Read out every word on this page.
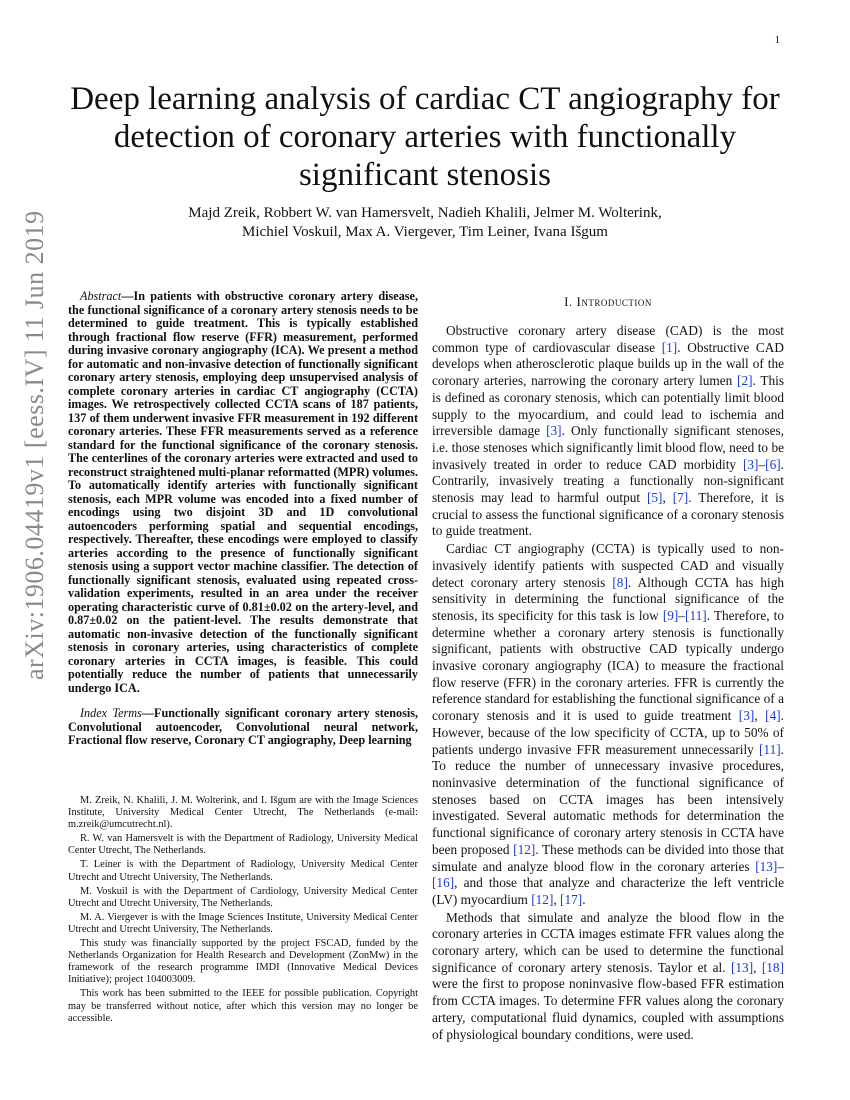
1
arXiv:1906.04419v1 [eess.IV] 11 Jun 2019
Deep learning analysis of cardiac CT angiography for detection of coronary arteries with functionally significant stenosis
Majd Zreik, Robbert W. van Hamersvelt, Nadieh Khalili, Jelmer M. Wolterink,
Michiel Voskuil, Max A. Viergever, Tim Leiner, Ivana Išgum

Abstract—In patients with obstructive coronary artery disease, the functional significance of a coronary artery stenosis needs to be determined to guide treatment. This is typically established through fractional flow reserve (FFR) measurement, performed during invasive coronary angiography (ICA). We present a method for automatic and non-invasive detection of functionally significant coronary artery stenosis, employing deep unsupervised analysis of complete coronary arteries in cardiac CT angiography (CCTA) images. We retrospectively collected CCTA scans of 187 patients, 137 of them underwent invasive FFR measurement in 192 different coronary arteries. These FFR measurements served as a reference standard for the functional significance of the coronary stenosis. The centerlines of the coronary arteries were extracted and used to reconstruct straightened multi-planar reformatted (MPR) volumes. To automatically identify arteries with functionally significant stenosis, each MPR volume was encoded into a fixed number of encodings using two disjoint 3D and 1D convolutional autoencoders performing spatial and sequential encodings, respectively. Thereafter, these encodings were employed to classify arteries according to the presence of functionally significant stenosis using a support vector machine classifier. The detection of functionally significant stenosis, evaluated using repeated cross-validation experiments, resulted in an area under the receiver operating characteristic curve of 0.81±0.02 on the artery-level, and 0.87±0.02 on the patient-level. The results demonstrate that automatic non-invasive detection of the functionally significant stenosis in coronary arteries, using characteristics of complete coronary arteries in CCTA images, is feasible. This could potentially reduce the number of patients that unnecessarily undergo ICA.

Index Terms—Functionally significant coronary artery stenosis, Convolutional autoencoder, Convolutional neural network, Fractional flow reserve, Coronary CT angiography, Deep learning

M. Zreik, N. Khalili, J. M. Wolterink, and I. Išgum are with the Image Sciences Institute, University Medical Center Utrecht, The Netherlands (e-mail: m.zreik@umcutrecht.nl).

R. W. van Hamersvelt is with the Department of Radiology, University Medical Center Utrecht, The Netherlands.

T. Leiner is with the Department of Radiology, University Medical Center Utrecht and Utrecht University, The Netherlands.

M. Voskuil is with the Department of Cardiology, University Medical Center Utrecht and Utrecht University, The Netherlands.

M. A. Viergever is with the Image Sciences Institute, University Medical Center Utrecht and Utrecht University, The Netherlands.

This study was financially supported by the project FSCAD, funded by the Netherlands Organization for Health Research and Development (ZonMw) in the framework of the research programme IMDI (Innovative Medical Devices Initiative); project 104003009.

This work has been submitted to the IEEE for possible publication. Copyright may be transferred without notice, after which this version may no longer be accessible.

I. Introduction

Obstructive coronary artery disease (CAD) is the most common type of cardiovascular disease [1]. Obstructive CAD develops when atherosclerotic plaque builds up in the wall of the coronary arteries, narrowing the coronary artery lumen [2]. This is defined as coronary stenosis, which can potentially limit blood supply to the myocardium, and could lead to ischemia and irreversible damage [3]. Only functionally significant stenoses, i.e. those stenoses which significantly limit blood flow, need to be invasively treated in order to reduce CAD morbidity [3]–[6]. Contrarily, invasively treating a functionally non-significant stenosis may lead to harmful output [5], [7]. Therefore, it is crucial to assess the functional significance of a coronary stenosis to guide treatment.

Cardiac CT angiography (CCTA) is typically used to non-invasively identify patients with suspected CAD and visually detect coronary artery stenosis [8]. Although CCTA has high sensitivity in determining the functional significance of the stenosis, its specificity for this task is low [9]–[11]. Therefore, to determine whether a coronary artery stenosis is functionally significant, patients with obstructive CAD typically undergo invasive coronary angiography (ICA) to measure the fractional flow reserve (FFR) in the coronary arteries. FFR is currently the reference standard for establishing the functional significance of a coronary stenosis and it is used to guide treatment [3], [4]. However, because of the low specificity of CCTA, up to 50% of patients undergo invasive FFR measurement unnecessarily [11]. To reduce the number of unnecessary invasive procedures, noninvasive determination of the functional significance of stenoses based on CCTA images has been intensively investigated. Several automatic methods for determination the functional significance of coronary artery stenosis in CCTA have been proposed [12]. These methods can be divided into those that simulate and analyze blood flow in the coronary arteries [13]–[16], and those that analyze and characterize the left ventricle (LV) myocardium [12], [17].

Methods that simulate and analyze the blood flow in the coronary arteries in CCTA images estimate FFR values along the coronary artery, which can be used to determine the functional significance of coronary artery stenosis. Taylor et al. [13], [18] were the first to propose noninvasive flow-based FFR estimation from CCTA images. To determine FFR values along the coronary artery, computational fluid dynamics, coupled with assumptions of physiological boundary conditions, were used.
